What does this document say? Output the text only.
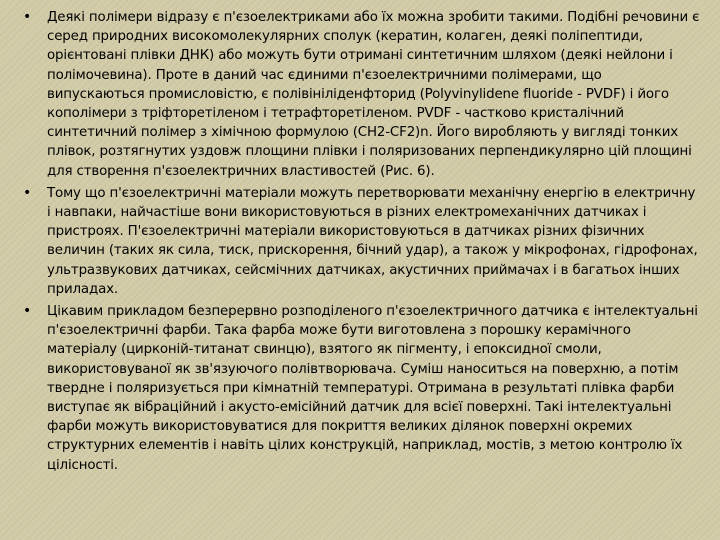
• Деякі полімери відразу є п'єзоелектриками або їх можна зробити такими. Подібні речовини є серед природних високомолекулярних сполук (кератин, колаген, деякі поліпептиди, орієнтовані плівки ДНК) або можуть бути отримані синтетичним шляхом (деякі нейлони і полімочевина). Проте в даний час єдиними п'єзоелектричними полімерами, що випускаються промисловістю, є полівініліденфторид (Polyvinylidene fluoride - PVDF) і його кополімери з тріфторетіленом і тетрафторетіленом. PVDF - частково кристалічний синтетичний полімер з хімічною формулою (CH2-CF2)n. Його виробляють у вигляді тонких плівок, розтягнутих уздовж площини плівки і поляризованих перпендикулярно цій площині для створення п'єзоелектричних властивостей (Рис. 6).
• Тому що п'єзоелектричні матеріали можуть перетворювати механічну енергію в електричну і навпаки, найчастіше вони використовуються в різних електромеханічних датчиках і пристроях. П'єзоелектричні матеріали використовуються в датчиках різних фізичних величин (таких як сила, тиск, прискорення, бічний удар), а також у мікрофонах, гідрофонах, ультразвукових датчиках, сейсмічних датчиках, акустичних приймачах і в багатьох інших приладах.
• Цікавим прикладом безперервно розподіленого п'єзоелектричного датчика є інтелектуальні п'єзоелектричні фарби. Така фарба може бути виготовлена з порошку керамічного матеріалу (цирконій-титанат свинцю), взятого як пігменту, і епоксидної смоли, використовуваної як зв'язуючого полівтворювача. Суміш наноситься на поверхню, а потім твердне і поляризується при кімнатній температурі. Отримана в результаті плівка фарби виступає як вібраційний і акусто-емісійний датчик для всієї поверхні. Такі інтелектуальні фарби можуть використовуватися для покриття великих ділянок поверхні окремих структурних елементів і навіть цілих конструкцій, наприклад, мостів, з метою контролю їх цілісності.
